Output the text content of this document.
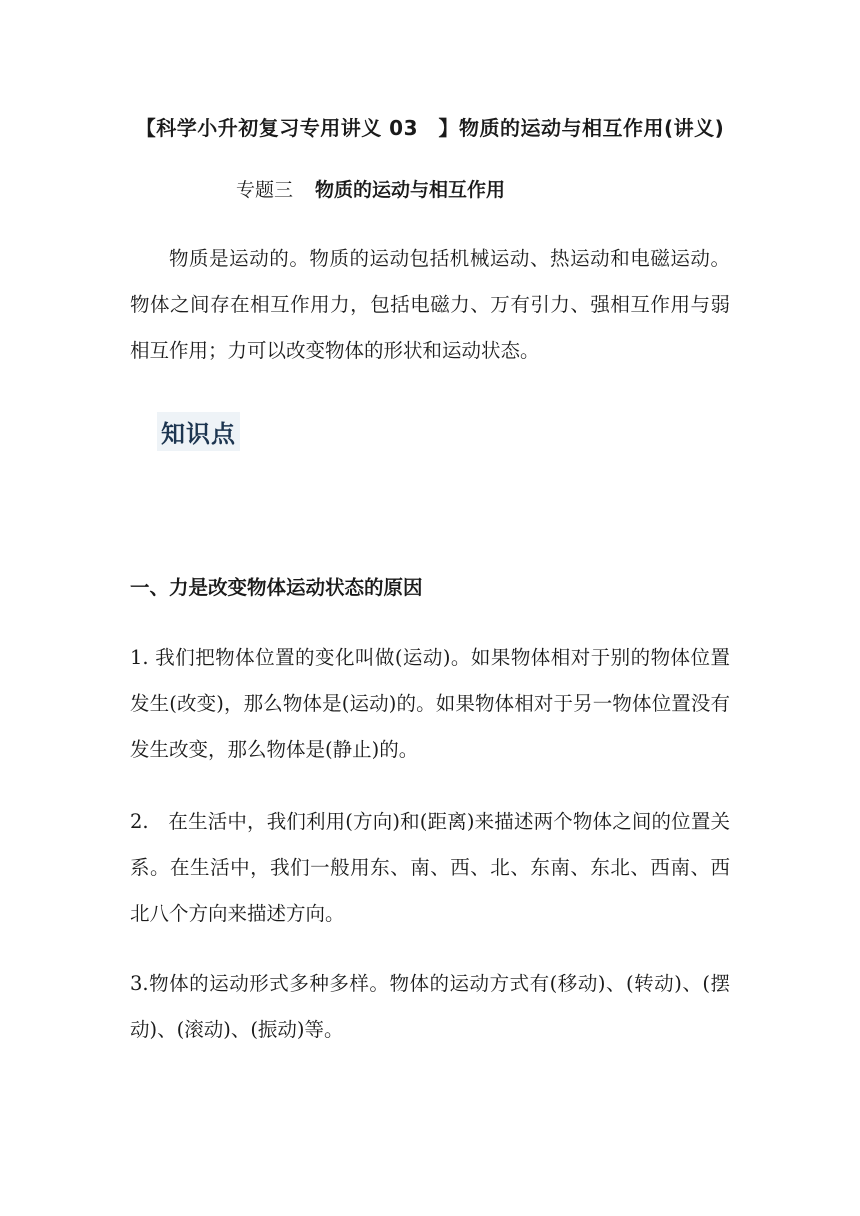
【科学小升初复习专用讲义 03　】物质的运动与相互作用(讲义)
专题三 物质的运动与相互作用
物质是运动的。物质的运动包括机械运动、热运动和电磁运动。物体之间存在相互作用力，包括电磁力、万有引力、强相互作用与弱相互作用；力可以改变物体的形状和运动状态。
知识点
一、力是改变物体运动状态的原因
1. 我们把物体位置的变化叫做(运动)。如果物体相对于别的物体位置发生(改变)，那么物体是(运动)的。如果物体相对于另一物体位置没有发生改变，那么物体是(静止)的。
2.　在生活中，我们利用(方向)和(距离)来描述两个物体之间的位置关系。在生活中，我们一般用东、南、西、北、东南、东北、西南、西北八个方向来描述方向。
3.物体的运动形式多种多样。物体的运动方式有(移动)、(转动)、(摆动)、(滚动)、(振动)等。
